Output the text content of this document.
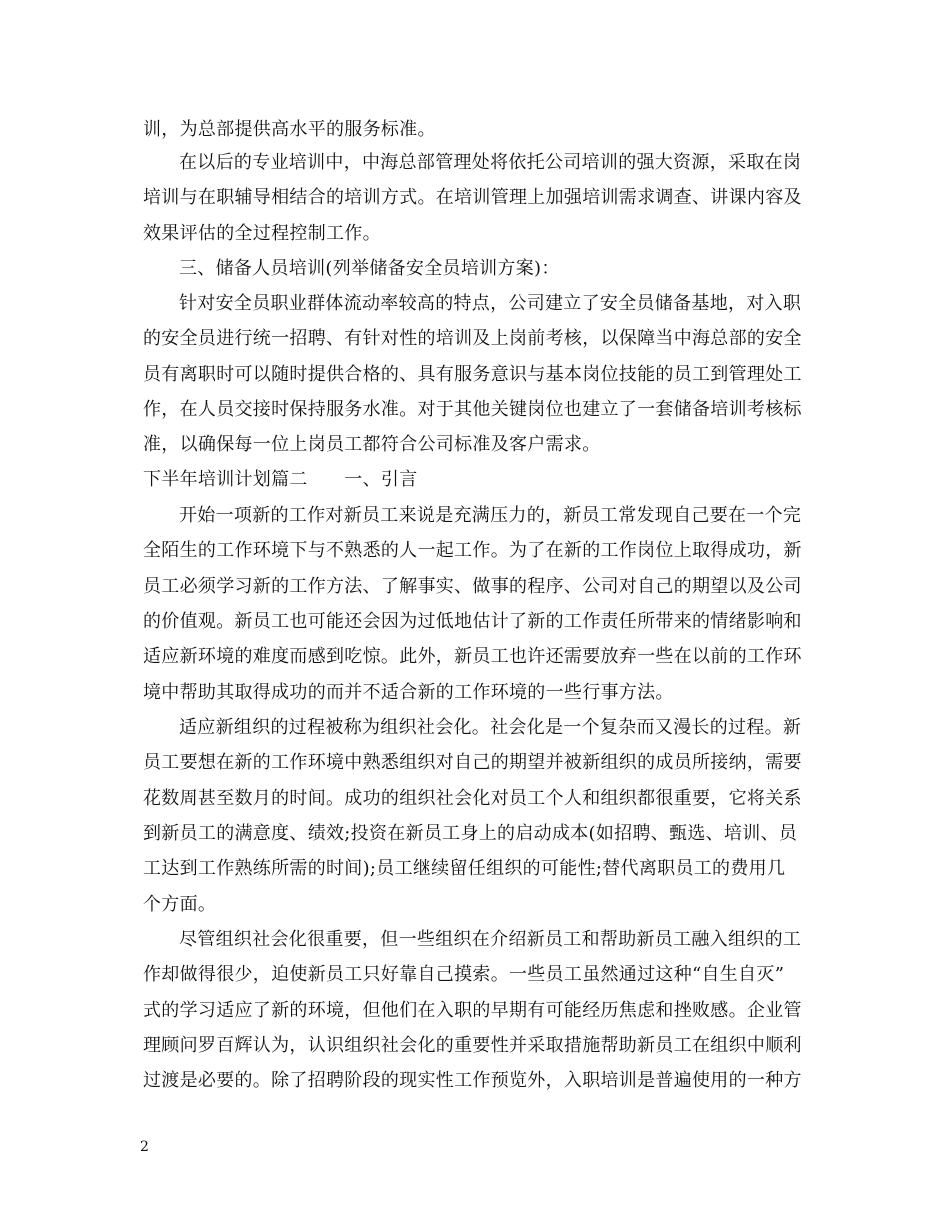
训，为总部提供高水平的服务标准。
在以后的专业培训中，中海总部管理处将依托公司培训的强大资源，采取在岗
培训与在职辅导相结合的培训方式。在培训管理上加强培训需求调查、讲课内容及
效果评估的全过程控制工作。
三、储备人员培训(列举储备安全员培训方案)：
针对安全员职业群体流动率较高的特点，公司建立了安全员储备基地，对入职
的安全员进行统一招聘、有针对性的培训及上岗前考核，以保障当中海总部的安全
员有离职时可以随时提供合格的、具有服务意识与基本岗位技能的员工到管理处工
作，在人员交接时保持服务水准。对于其他关键岗位也建立了一套储备培训考核标
准，以确保每一位上岗员工都符合公司标准及客户需求。
下半年培训计划篇二　　一、引言
开始一项新的工作对新员工来说是充满压力的，新员工常发现自己要在一个完
全陌生的工作环境下与不熟悉的人一起工作。为了在新的工作岗位上取得成功，新
员工必须学习新的工作方法、了解事实、做事的程序、公司对自己的期望以及公司
的价值观。新员工也可能还会因为过低地估计了新的工作责任所带来的情绪影响和
适应新环境的难度而感到吃惊。此外，新员工也许还需要放弃一些在以前的工作环
境中帮助其取得成功的而并不适合新的工作环境的一些行事方法。
适应新组织的过程被称为组织社会化。社会化是一个复杂而又漫长的过程。新
员工要想在新的工作环境中熟悉组织对自己的期望并被新组织的成员所接纳，需要
花数周甚至数月的时间。成功的组织社会化对员工个人和组织都很重要，它将关系
到新员工的满意度、绩效;投资在新员工身上的启动成本(如招聘、甄选、培训、员
工达到工作熟练所需的时间);员工继续留任组织的可能性;替代离职员工的费用几
个方面。
尽管组织社会化很重要，但一些组织在介绍新员工和帮助新员工融入组织的工
作却做得很少，迫使新员工只好靠自己摸索。一些员工虽然通过这种“自生自灭”
式的学习适应了新的环境，但他们在入职的早期有可能经历焦虑和挫败感。企业管
理顾问罗百辉认为，认识组织社会化的重要性并采取措施帮助新员工在组织中顺利
过渡是必要的。除了招聘阶段的现实性工作预览外，入职培训是普遍使用的一种方
2
